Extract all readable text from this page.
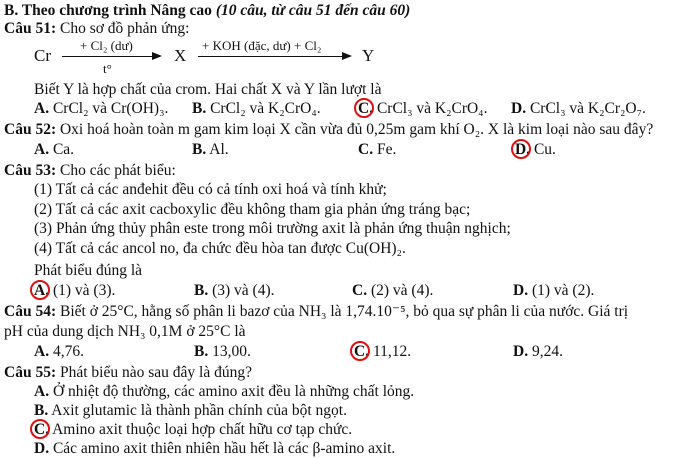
B. Theo chương trình Nâng cao (10 câu, từ câu 51 đến câu 60)
Câu 51: Cho sơ đồ phản ứng:
Cr
+ Cl₂ (dư)
t°
X
+ KOH (đặc, dư) + Cl₂
Y
Biết Y là hợp chất của crom. Hai chất X và Y lần lượt là
A. CrCl₂ và Cr(OH)₃. B. CrCl₂ và K₂CrO₄. C. CrCl₃ và K₂CrO₄. D. CrCl₃ và K₂Cr₂O₇.
Câu 52: Oxi hoá hoàn toàn m gam kim loại X cần vừa đủ 0,25m gam khí O₂. X là kim loại nào sau đây?
A. Ca.	B. Al.	C. Fe.	D. Cu.
Câu 53: Cho các phát biểu:
(1) Tất cả các anđehit đều có cả tính oxi hoá và tính khử;
(2) Tất cả các axit cacboxylic đều không tham gia phản ứng tráng bạc;
(3) Phản ứng thủy phân este trong môi trường axit là phản ứng thuận nghịch;
(4) Tất cả các ancol no, đa chức đều hòa tan được Cu(OH)₂.
Phát biểu đúng là
A. (1) và (3).	B. (3) và (4).	C. (2) và (4).	D. (1) và (2).
Câu 54: Biết ở 25°C, hằng số phân li bazơ của NH₃ là 1,74.10⁻⁵, bỏ qua sự phân li của nước. Giá trị
pH của dung dịch NH₃ 0,1M ở 25°C là
A. 4,76.	B. 13,00.	C. 11,12.	D. 9,24.
Câu 55: Phát biểu nào sau đây là đúng?
A. Ở nhiệt độ thường, các amino axit đều là những chất lỏng.
B. Axit glutamic là thành phần chính của bột ngọt.
C. Amino axit thuộc loại hợp chất hữu cơ tạp chức.
D. Các amino axit thiên nhiên hầu hết là các β-amino axit.
